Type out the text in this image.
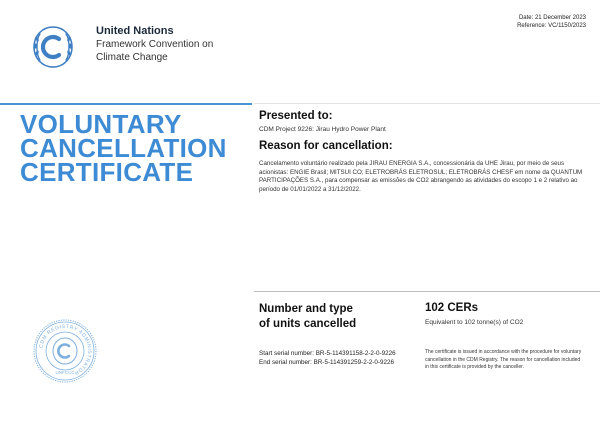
United Nations
Framework Convention on
Climate Change
Date: 21 December 2023
Reference: VC/1150/2023
VOLUNTARY
CANCELLATION
CERTIFICATE
Presented to:
CDM Project 9226: Jirau Hydro Power Plant
Reason for cancellation:
Cancelamento voluntário realizado pela JIRAU ENERGIA S.A., concessionária da UHE Jirau, por meio de seus acionistas: ENGIE Brasil; MITSUI CO; ELETROBRÁS ELETROSUL; ELETROBRÁS CHESF em nome da QUANTUM PARTICIPAÇÕES S.A., para compensar as emissões de CO2 abrangendo as atividades do escopo 1 e 2 relativo ao período de 01/01/2022 a 31/12/2022.
Number and type
of units cancelled
102 CERs
Equivalent to 102 tonne(s) of CO2
Start serial number: BR-5-114391158-2-2-0-9226
End serial number: BR-5-114391259-2-2-0-9226
The certificate is issued in accordance with the procedure for voluntary cancellation in the CDM Registry. The reason for cancellation included in this certificate is provided by the canceller.
CDM REGISTRY ADMINISTRATOR
UNFCCC
